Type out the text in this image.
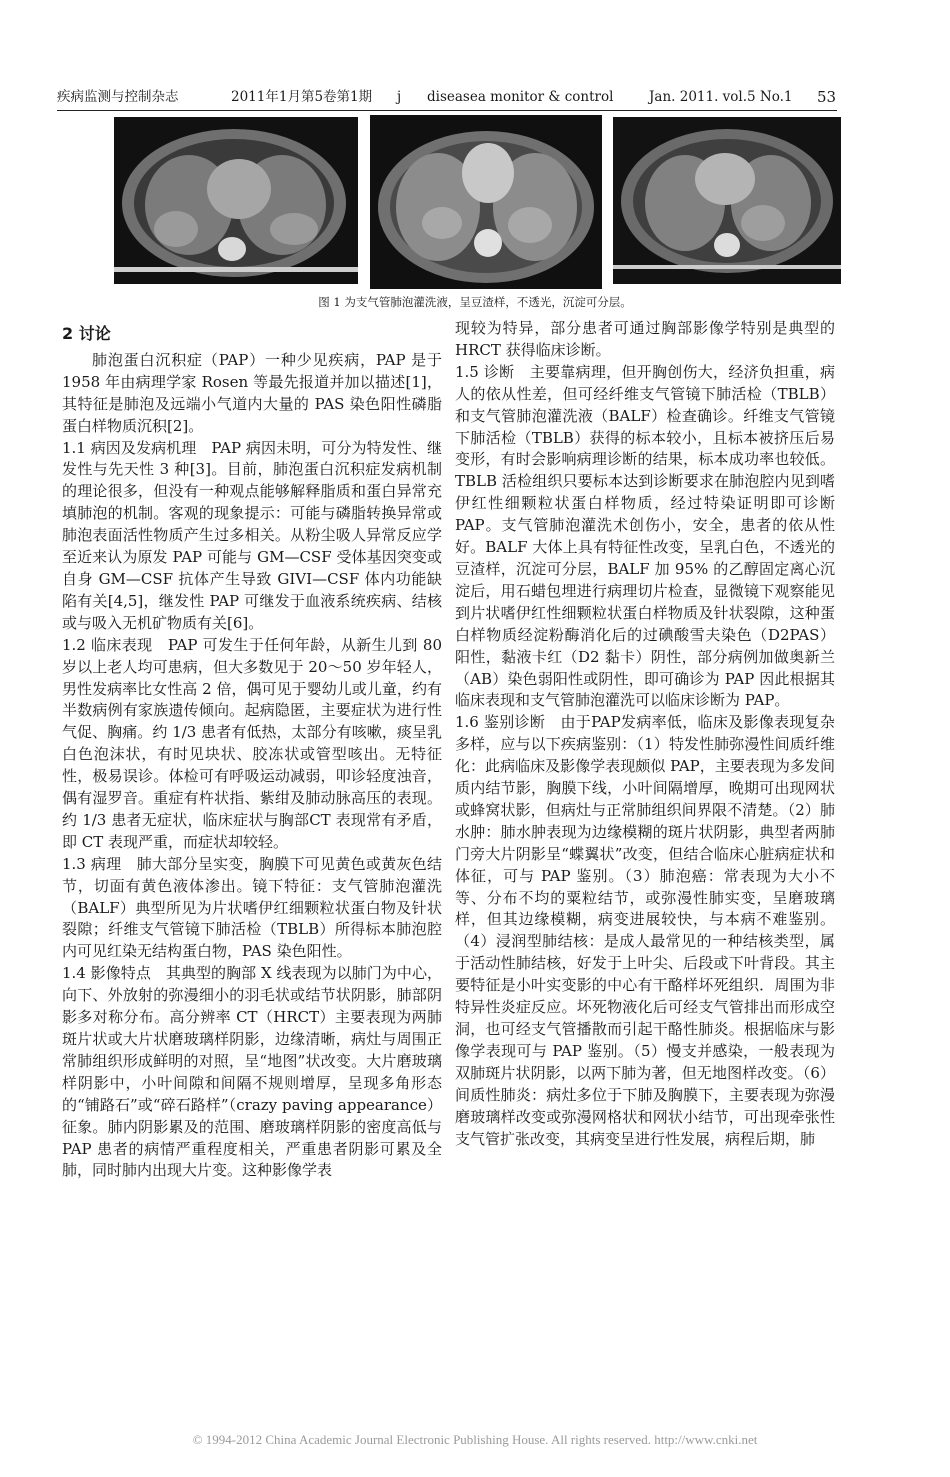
疾病监测与控制杂志	2011年1月第5卷第1期 j diseasea monitor & control	Jan. 2011. vol.5 No.1 53
图 1 为支气管肺泡灌洗液，呈豆渣样，不透光，沉淀可分层。

2 讨论

肺泡蛋白沉积症（PAP）一种少见疾病，PAP 是于 1958 年由病理学家 Rosen 等最先报道并加以描述[1]，其特征是肺泡及远端小气道内大量的 PAS 染色阳性磷脂蛋白样物质沉积[2]。

1.1 病因及发病机理　PAP 病因未明，可分为特发性、继发性与先天性 3 种[3]。目前，肺泡蛋白沉积症发病机制的理论很多，但没有一种观点能够解释脂质和蛋白异常充填肺泡的机制。客观的现象提示：可能与磷脂转换异常或肺泡表面活性物质产生过多相关。从粉尘吸人异常反应学至近来认为原发 PAP 可能与 GM—CSF 受体基因突变或自身 GM—CSF 抗体产生导致 GIVI—CSF 体内功能缺陷有关[4,5]，继发性 PAP 可继发于血液系统疾病、结核或与吸入无机矿物质有关[6]。

1.2 临床表现　PAP 可发生于任何年龄，从新生儿到 80 岁以上老人均可患病，但大多数见于 20～50 岁年轻人，男性发病率比女性高 2 倍，偶可见于婴幼儿或儿童，约有半数病例有家族遗传倾向。起病隐匿，主要症状为进行性气促、胸痛。约 1/3 患者有低热，太部分有咳嗽，痰呈乳白色泡沫状，有时见块状、胶冻状或管型咳出。无特征性，极易误诊。体检可有呼吸运动减弱，叩诊轻度浊音，偶有湿罗音。重症有杵状指、紫绀及肺动脉高压的表现。约 1/3 患者无症状，临床症状与胸部CT 表现常有矛盾，即 CT 表现严重，而症状却较轻。

1.3 病理　肺大部分呈实变，胸膜下可见黄色或黄灰色结节，切面有黄色液体渗出。镜下特征：支气管肺泡灌洗（BALF）典型所见为片状嗜伊红细颗粒状蛋白物及针状裂隙；纤维支气管镜下肺活检（TBLB）所得标本肺泡腔内可见红染无结构蛋白物，PAS 染色阳性。

1.4 影像特点　其典型的胸部 X 线表现为以肺门为中心，向下、外放射的弥漫细小的羽毛状或结节状阴影，肺部阴影多对称分布。高分辨率 CT（HRCT）主要表现为两肺斑片状或大片状磨玻璃样阴影，边缘清晰，病灶与周围正常肺组织形成鲜明的对照，呈“地图”状改变。大片磨玻璃样阴影中，小叶间隙和间隔不规则增厚，呈现多角形态的“铺路石”或“碎石路样”（crazy paving appearance）征象。肺内阴影累及的范围、磨玻璃样阴影的密度高低与 PAP 患者的病情严重程度相关，严重患者阴影可累及全肺，同时肺内出现大片变。这种影像学表

现较为特异，部分患者可通过胸部影像学特别是典型的 HRCT 获得临床诊断。

1.5 诊断　主要靠病理，但开胸创伤大，经济负担重，病人的依从性差，但可经纤维支气管镜下肺活检（TBLB）和支气管肺泡灌洗液（BALF）检查确诊。纤维支气管镜下肺活检（TBLB）获得的标本较小，且标本被挤压后易变形，有时会影响病理诊断的结果，标本成功率也较低。TBLB 活检组织只要标本达到诊断要求在肺泡腔内见到嗜伊红性细颗粒状蛋白样物质，经过特染证明即可诊断 PAP。支气管肺泡灌洗术创伤小，安全，患者的依从性好。BALF 大体上具有特征性改变，呈乳白色，不透光的豆渣样，沉淀可分层，BALF 加 95% 的乙醇固定离心沉淀后，用石蜡包埋进行病理切片检查，显微镜下观察能见到片状嗜伊红性细颗粒状蛋白样物质及针状裂隙，这种蛋白样物质经淀粉酶消化后的过碘酸雪夫染色（D2PAS）阳性，黏液卡红（D2 黏卡）阴性，部分病例加做奥新兰（AB）染色弱阳性或阴性，即可确诊为 PAP 因此根据其临床表现和支气管肺泡灌洗可以临床诊断为 PAP。

1.6 鉴别诊断　由于PAP发病率低，临床及影像表现复杂多样，应与以下疾病鉴别：（1）特发性肺弥漫性间质纤维化：此病临床及影像学表现颇似 PAP，主要表现为多发间质内结节影，胸膜下线，小叶间隔增厚，晚期可出现网状或蜂窝状影，但病灶与正常肺组织间界限不清楚。（2）肺水肿：肺水肿表现为边缘模糊的斑片状阴影，典型者两肺门旁大片阴影呈“蝶翼状”改变，但结合临床心脏病症状和体征，可与 PAP 鉴别。（3）肺泡癌：常表现为大小不等、分布不均的粟粒结节，或弥漫性肺实变，呈磨玻璃样，但其边缘模糊，病变进展较快，与本病不难鉴别。（4）浸润型肺结核：是成人最常见的一种结核类型，属于活动性肺结核，好发于上叶尖、后段或下叶背段。其主要特征是小叶实变影的中心有干酪样坏死组织．周围为非特异性炎症反应。坏死物液化后可经支气管排出而形成空洞，也可经支气管播散而引起干酪性肺炎。根据临床与影像学表现可与 PAP 鉴别。（5）慢支并感染，一般表现为双肺斑片状阴影，以两下肺为著，但无地图样改变。（6）间质性肺炎：病灶多位于下肺及胸膜下，主要表现为弥漫磨玻璃样改变或弥漫网格状和网状小结节，可出现牵张性支气管扩张改变，其病变呈进行性发展，病程后期，肺

© 1994-2012 China Academic Journal Electronic Publishing House. All rights reserved. http://www.cnki.net
